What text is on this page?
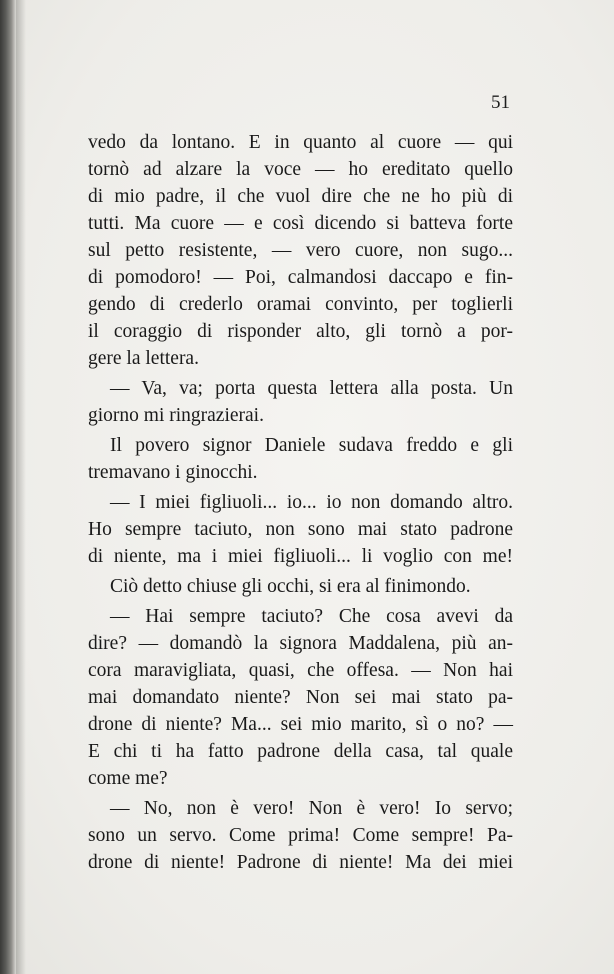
51
vedo da lontano. E in quanto al cuore — qui
tornò ad alzare la voce — ho ereditato quello
di mio padre, il che vuol dire che ne ho più di
tutti. Ma cuore — e così dicendo si batteva forte
sul petto resistente, — vero cuore, non sugo...
di pomodoro! — Poi, calmandosi daccapo e fin-
gendo di crederlo oramai convinto, per toglierli
il coraggio di risponder alto, gli tornò a por-
gere la lettera.
— Va, va; porta questa lettera alla posta. Un
giorno mi ringrazierai.
Il povero signor Daniele sudava freddo e gli
tremavano i ginocchi.
— I miei figliuoli... io... io non domando altro.
Ho sempre taciuto, non sono mai stato padrone
di niente, ma i miei figliuoli... li voglio con me!
Ciò detto chiuse gli occhi, si era al finimondo.
— Hai sempre taciuto? Che cosa avevi da
dire? — domandò la signora Maddalena, più an-
cora maravigliata, quasi, che offesa. — Non hai
mai domandato niente? Non sei mai stato pa-
drone di niente? Ma... sei mio marito, sì o no? —
E chi ti ha fatto padrone della casa, tal quale
come me?
— No, non è vero! Non è vero! Io servo;
sono un servo. Come prima! Come sempre! Pa-
drone di niente! Padrone di niente! Ma dei miei
